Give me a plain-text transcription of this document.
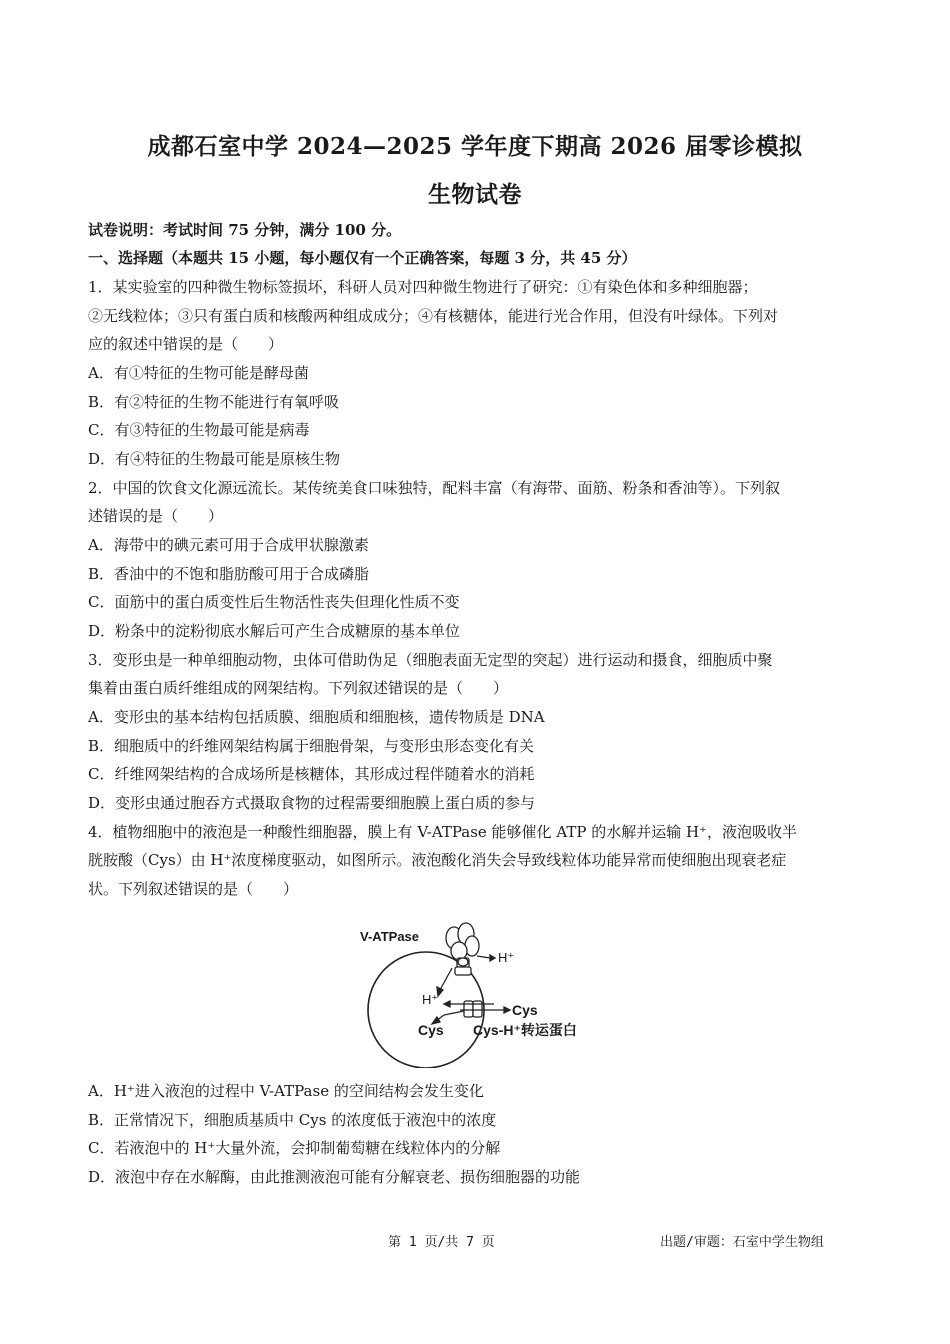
成都石室中学 2024—2025 学年度下期高 2026 届零诊模拟
生物试卷
试卷说明：考试时间 75 分钟，满分 100 分。
一、选择题（本题共 15 小题，每小题仅有一个正确答案，每题 3 分，共 45 分）
1．某实验室的四种微生物标签损坏，科研人员对四种微生物进行了研究：①有染色体和多种细胞器；
②无线粒体；③只有蛋白质和核酸两种组成成分；④有核糖体，能进行光合作用，但没有叶绿体。下列对
应的叙述中错误的是（　　）
A．有①特征的生物可能是酵母菌
B．有②特征的生物不能进行有氧呼吸
C．有③特征的生物最可能是病毒
D．有④特征的生物最可能是原核生物
2．中国的饮食文化源远流长。某传统美食口味独特，配料丰富（有海带、面筋、粉条和香油等）。下列叙
述错误的是（　　）
A．海带中的碘元素可用于合成甲状腺激素
B．香油中的不饱和脂肪酸可用于合成磷脂
C．面筋中的蛋白质变性后生物活性丧失但理化性质不变
D．粉条中的淀粉彻底水解后可产生合成糖原的基本单位
3．变形虫是一种单细胞动物，虫体可借助伪足（细胞表面无定型的突起）进行运动和摄食，细胞质中聚
集着由蛋白质纤维组成的网架结构。下列叙述错误的是（　　）
A．变形虫的基本结构包括质膜、细胞质和细胞核，遗传物质是 DNA
B．细胞质中的纤维网架结构属于细胞骨架，与变形虫形态变化有关
C．纤维网架结构的合成场所是核糖体，其形成过程伴随着水的消耗
D．变形虫通过胞吞方式摄取食物的过程需要细胞膜上蛋白质的参与
4．植物细胞中的液泡是一种酸性细胞器，膜上有 V-ATPase 能够催化 ATP 的水解并运输 H⁺，液泡吸收半
胱胺酸（Cys）由 H⁺浓度梯度驱动，如图所示。液泡酸化消失会导致线粒体功能异常而使细胞出现衰老症
状。下列叙述错误的是（　　）
V-ATPase
H⁺
H⁺
Cys
Cys Cys-H⁺转运蛋白
A．H⁺进入液泡的过程中 V-ATPase 的空间结构会发生变化
B．正常情况下，细胞质基质中 Cys 的浓度低于液泡中的浓度
C．若液泡中的 H⁺大量外流，会抑制葡萄糖在线粒体内的分解
D．液泡中存在水解酶，由此推测液泡可能有分解衰老、损伤细胞器的功能
第 1 页/共 7 页	出题/审题：石室中学生物组
